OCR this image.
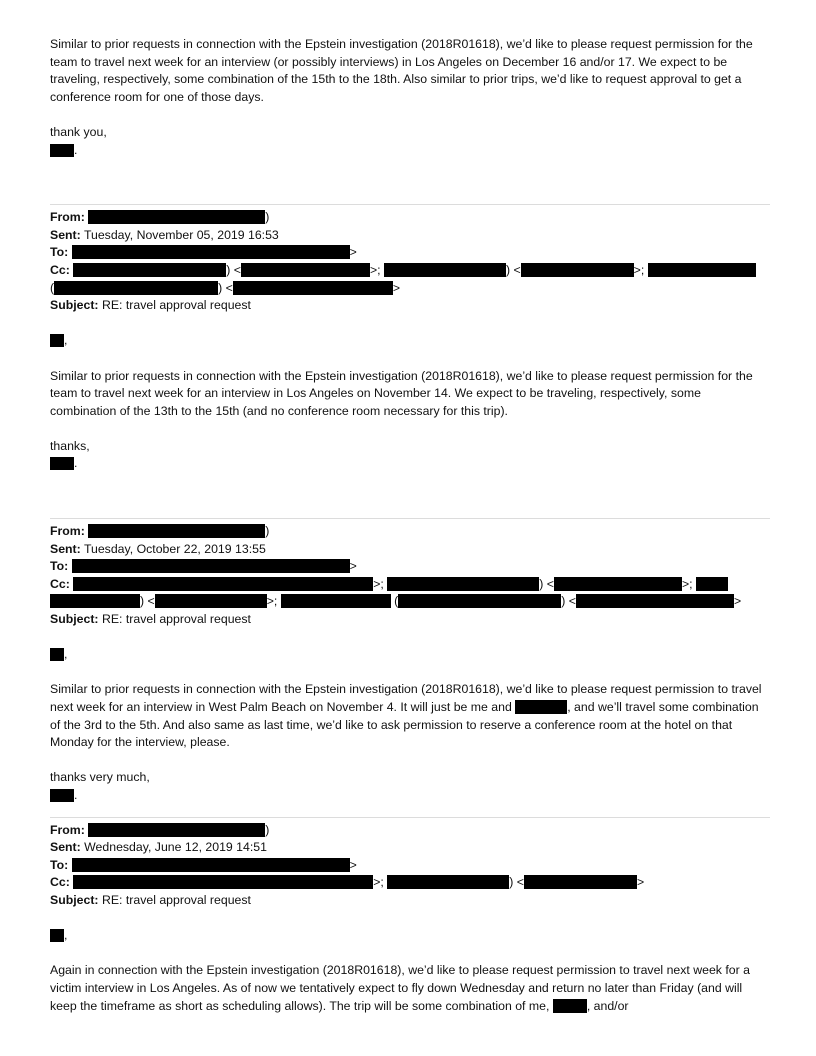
Similar to prior requests in connection with the Epstein investigation (2018R01618), we’d like to please request permission for the team to travel next week for an interview (or possibly interviews) in Los Angeles on December 16 and/or 17. We expect to be traveling, respectively, some combination of the 15th to the 18th. Also similar to prior trips, we’d like to request approval to get a conference room for one of those days.

thank you,

.

From:	)
Sent: Tuesday, November 05, 2019 16:53
To:	>
Cc:	) <	>;	) <	>;
(	) <	>
Subject: RE: travel approval request

,

Similar to prior requests in connection with the Epstein investigation (2018R01618), we’d like to please request permission for the team to travel next week for an interview in Los Angeles on November 14. We expect to be traveling, respectively, some combination of the 13th to the 15th (and no conference room necessary for this trip).

thanks,

.

From:	)
Sent: Tuesday, October 22, 2019 13:55
To:	>
Cc:	>;	) <	>;
) <	>;	(	) <	>
Subject: RE: travel approval request

,

Similar to prior requests in connection with the Epstein investigation (2018R01618), we’d like to please request permission to travel next week for an interview in West Palm Beach on November 4. It will just be me and	, and we’ll travel some combination of the 3rd to the 5th. And also same as last time, we’d like to ask permission to reserve a conference room at the hotel on that Monday for the interview, please.

thanks very much,

.

From:	)
Sent: Wednesday, June 12, 2019 14:51
To:	>
Cc:	>;	) <	>
Subject: RE: travel approval request

,

Again in connection with the Epstein investigation (2018R01618), we’d like to please request permission to travel next week for a victim interview in Los Angeles. As of now we tentatively expect to fly down Wednesday and return no later than Friday (and will keep the timeframe as short as scheduling allows). The trip will be some combination of me,	, and/or
